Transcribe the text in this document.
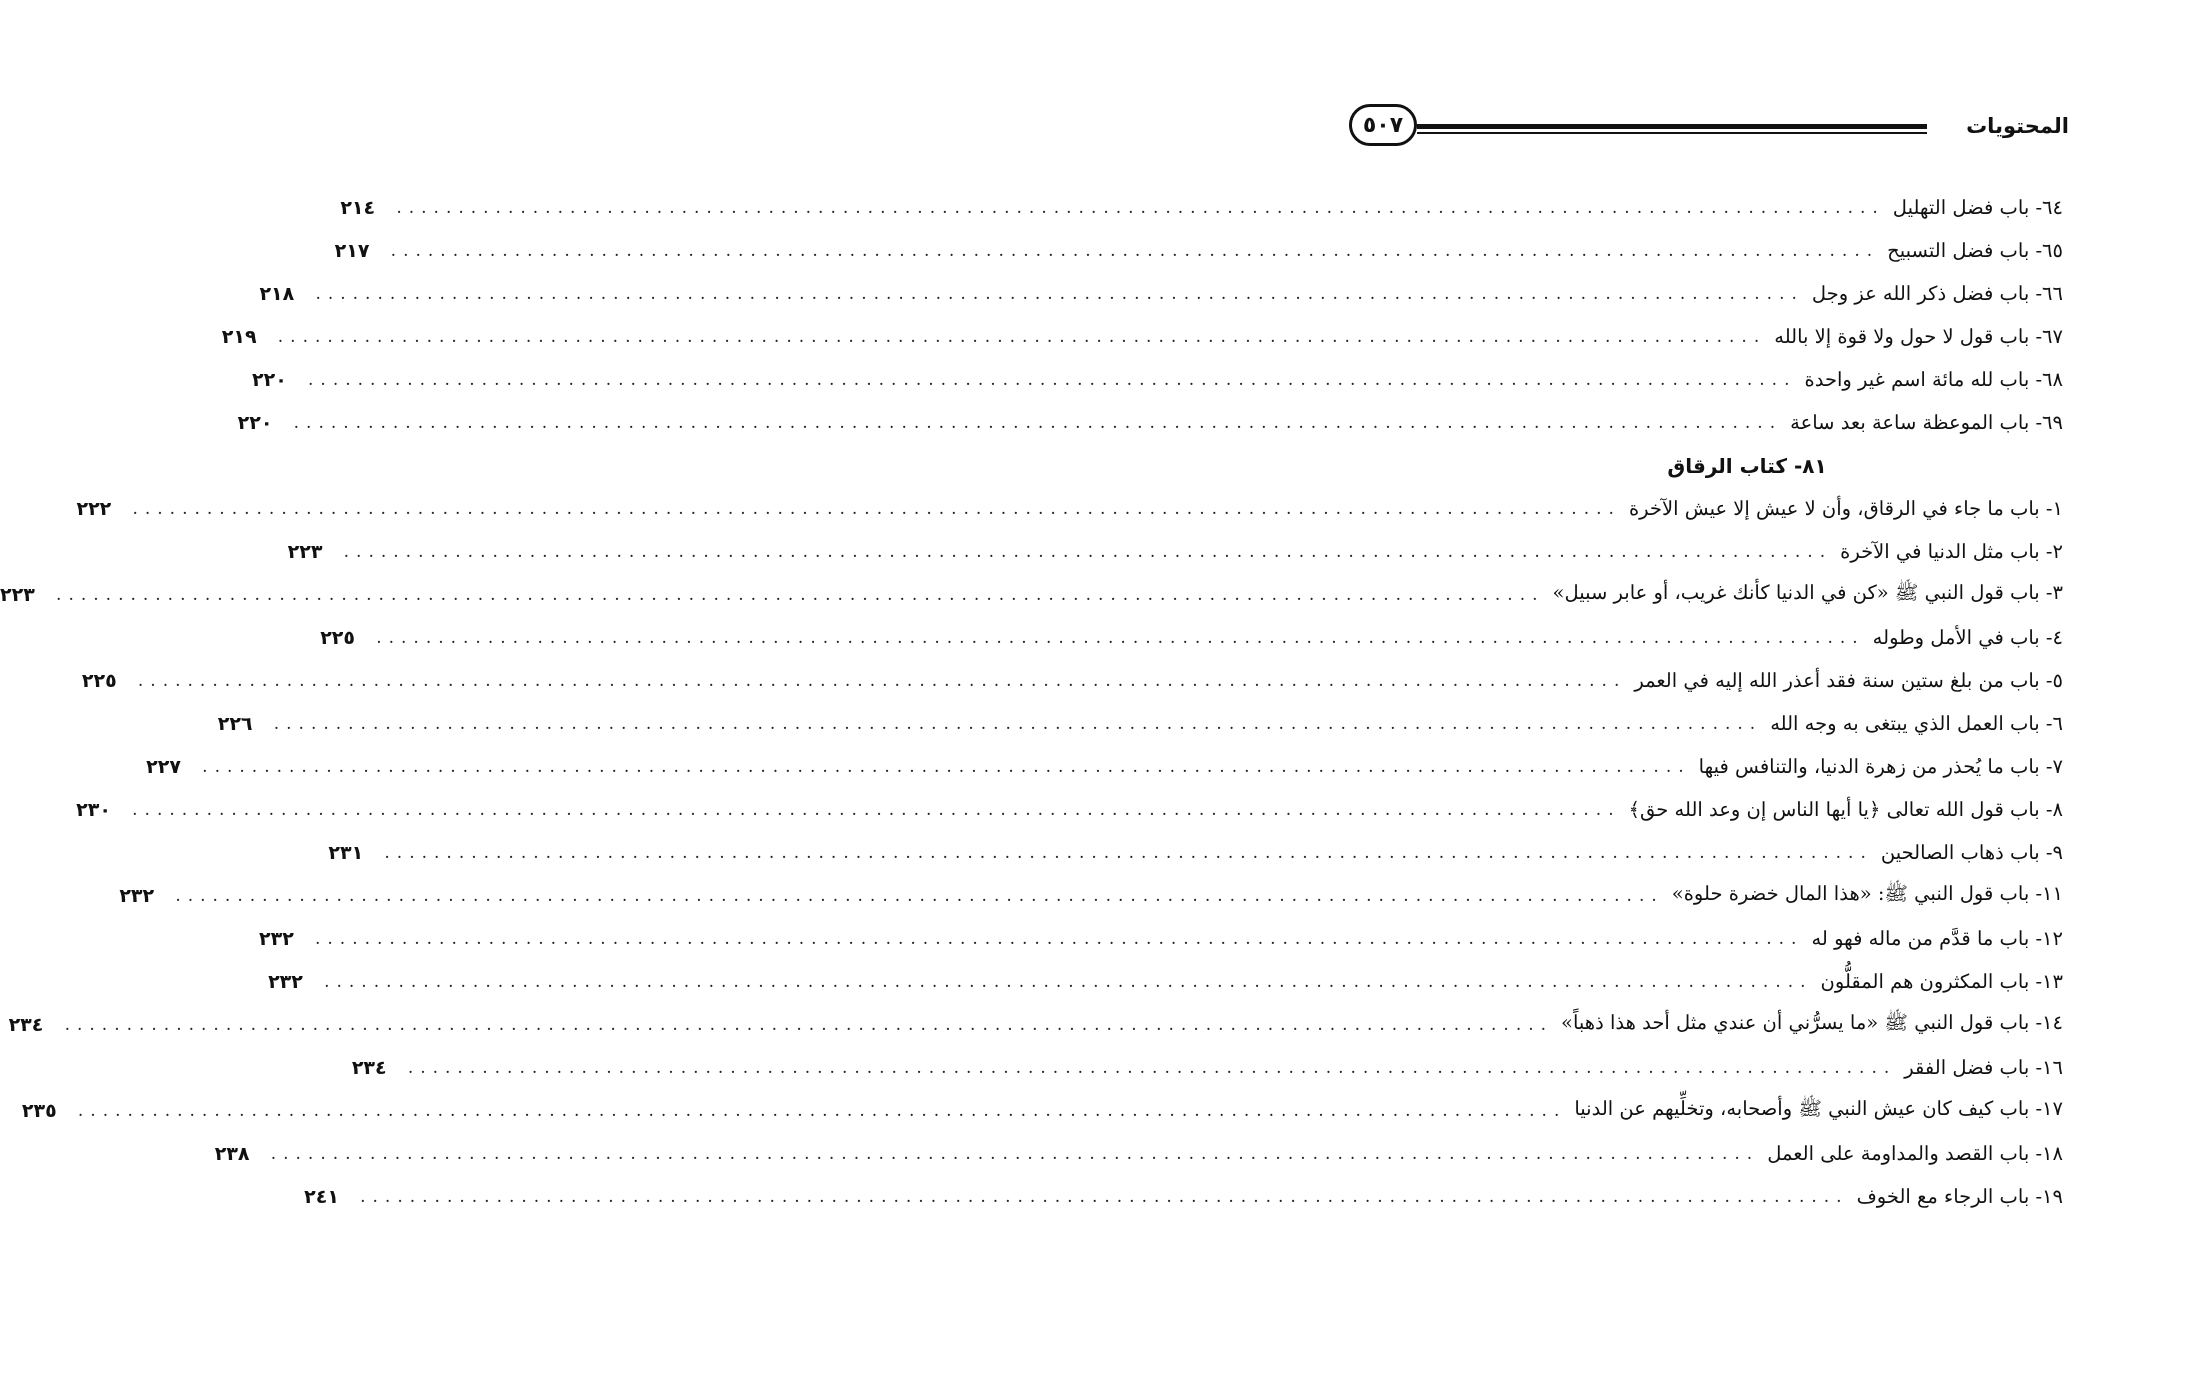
المحتويات
٥٠٧
٦٤- باب فضل التهليل
........................................................................................................................
٢١٤
٦٥- باب فضل التسبيح
........................................................................................................................
٢١٧
٦٦- باب فضل ذكر الله عز وجل
........................................................................................................................
٢١٨
٦٧- باب قول لا حول ولا قوة إلا بالله
........................................................................................................................
٢١٩
٦٨- باب لله مائة اسم غير واحدة
........................................................................................................................
٢٢٠
٦٩- باب الموعظة ساعة بعد ساعة
........................................................................................................................
٢٢٠
٨١- كتاب الرقاق
١- باب ما جاء في الرقاق، وأن لا عيش إلا عيش الآخرة
........................................................................................................................
٢٢٢
٢- باب مثل الدنيا في الآخرة
........................................................................................................................
٢٢٣
٣- باب قول النبي ﷺ «كن في الدنيا كأنك غريب، أو عابر سبيل»
........................................................................................................................
٢٢٣
٤- باب في الأمل وطوله
........................................................................................................................
٢٢٥
٥- باب من بلغ ستين سنة فقد أعذر الله إليه في العمر
........................................................................................................................
٢٢٥
٦- باب العمل الذي يبتغى به وجه الله
........................................................................................................................
٢٢٦
٧- باب ما يُحذر من زهرة الدنيا، والتنافس فيها
........................................................................................................................
٢٢٧
٨- باب قول الله تعالى ﴿يا أيها الناس إن وعد الله حق﴾
........................................................................................................................
٢٣٠
٩- باب ذهاب الصالحين
........................................................................................................................
٢٣١
١١- باب قول النبي ﷺ: «هذا المال خضرة حلوة»
........................................................................................................................
٢٣٢
١٢- باب ما قدَّم من ماله فهو له
........................................................................................................................
٢٣٢
١٣- باب المكثرون هم المقلُّون
........................................................................................................................
٢٣٢
١٤- باب قول النبي ﷺ «ما يسرُّني أن عندي مثل أحد هذا ذهباً»
........................................................................................................................
٢٣٤
١٦- باب فضل الفقر
........................................................................................................................
٢٣٤
١٧- باب كيف كان عيش النبي ﷺ وأصحابه، وتخلِّيهم عن الدنيا
........................................................................................................................
٢٣٥
١٨- باب القصد والمداومة على العمل
........................................................................................................................
٢٣٨
١٩- باب الرجاء مع الخوف
........................................................................................................................
٢٤١
